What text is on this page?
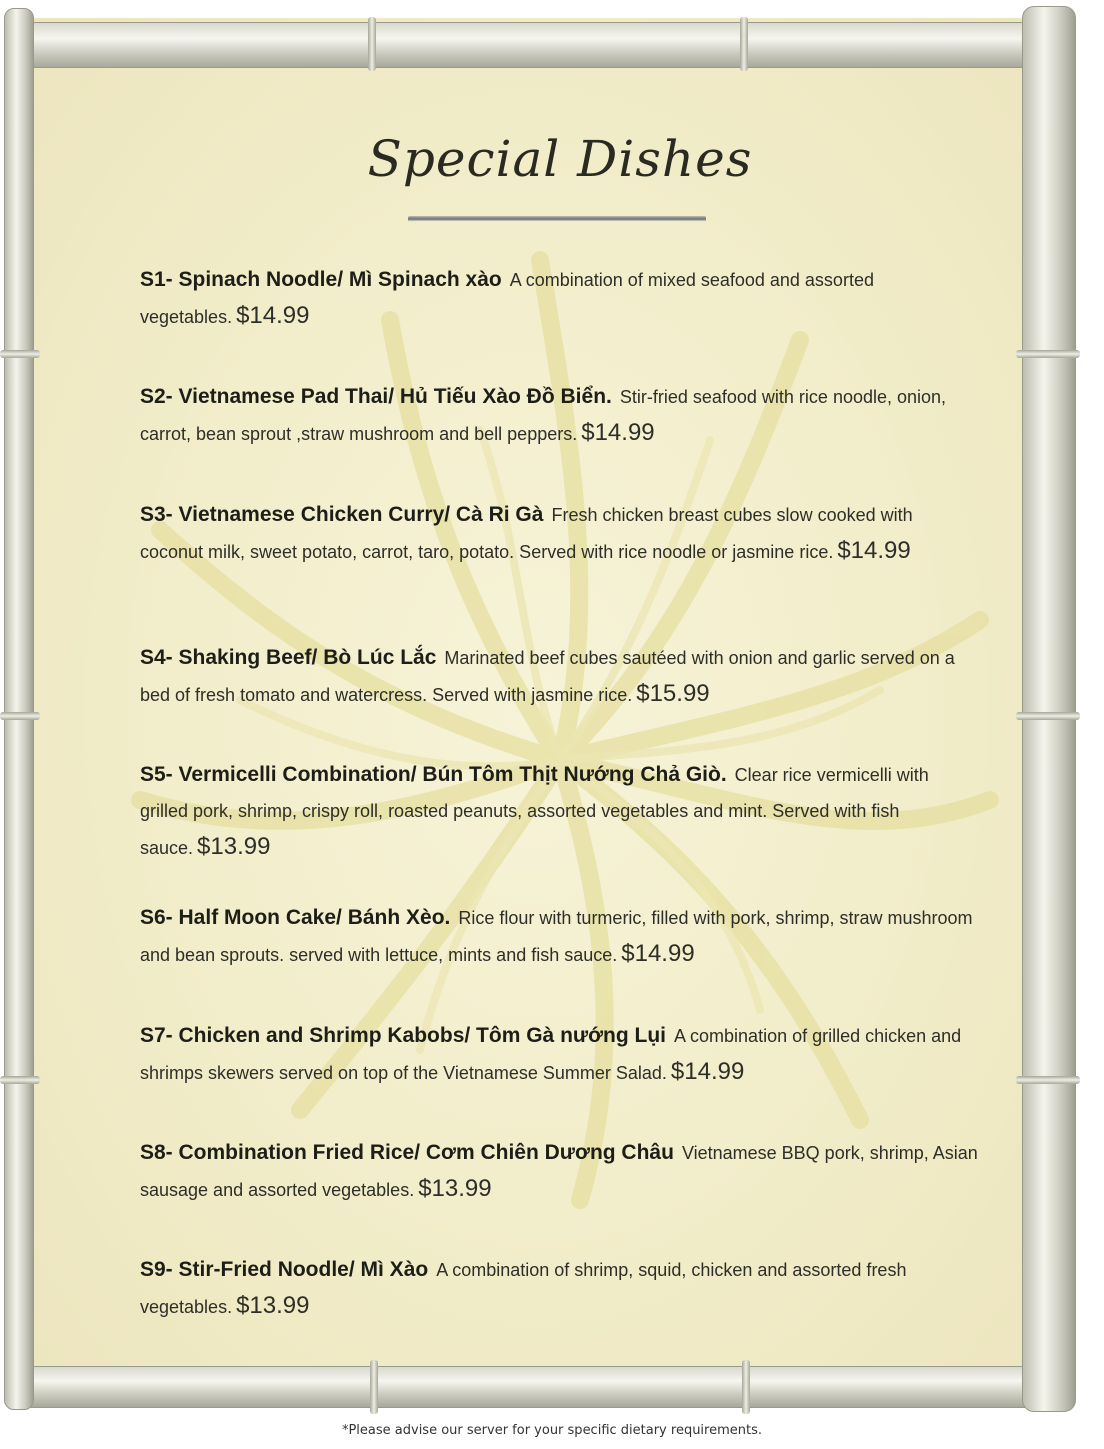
Special Dishes
S1- Spinach Noodle/ Mì Spinach xào A combination of mixed seafood and assorted vegetables. $14.99
S2- Vietnamese Pad Thai/ Hủ Tiếu Xào Đồ Biển. Stir-fried seafood with rice noodle, onion, carrot, bean sprout ,straw mushroom and bell peppers. $14.99
S3- Vietnamese Chicken Curry/ Cà Ri Gà Fresh chicken breast cubes slow cooked with coconut milk, sweet potato, carrot, taro, potato. Served with rice noodle or jasmine rice. $14.99
S4- Shaking Beef/ Bò Lúc Lắc Marinated beef cubes sautéed with onion and garlic served on a bed of fresh tomato and watercress. Served with jasmine rice. $15.99
S5- Vermicelli Combination/ Bún Tôm Thịt Nướng Chả Giò. Clear rice vermicelli with grilled pork, shrimp, crispy roll, roasted peanuts, assorted vegetables and mint. Served with fish sauce. $13.99
S6- Half Moon Cake/ Bánh Xèo. Rice flour with turmeric, filled with pork, shrimp, straw mushroom and bean sprouts. served with lettuce, mints and fish sauce. $14.99
S7- Chicken and Shrimp Kabobs/ Tôm Gà nướng Lụi A combination of grilled chicken and shrimps skewers served on top of the Vietnamese Summer Salad. $14.99
S8- Combination Fried Rice/ Cơm Chiên Dương Châu Vietnamese BBQ pork, shrimp, Asian sausage and assorted vegetables. $13.99
S9- Stir-Fried Noodle/ Mì Xào A combination of shrimp, squid, chicken and assorted fresh vegetables. $13.99
*Please advise our server for your specific dietary requirements.
